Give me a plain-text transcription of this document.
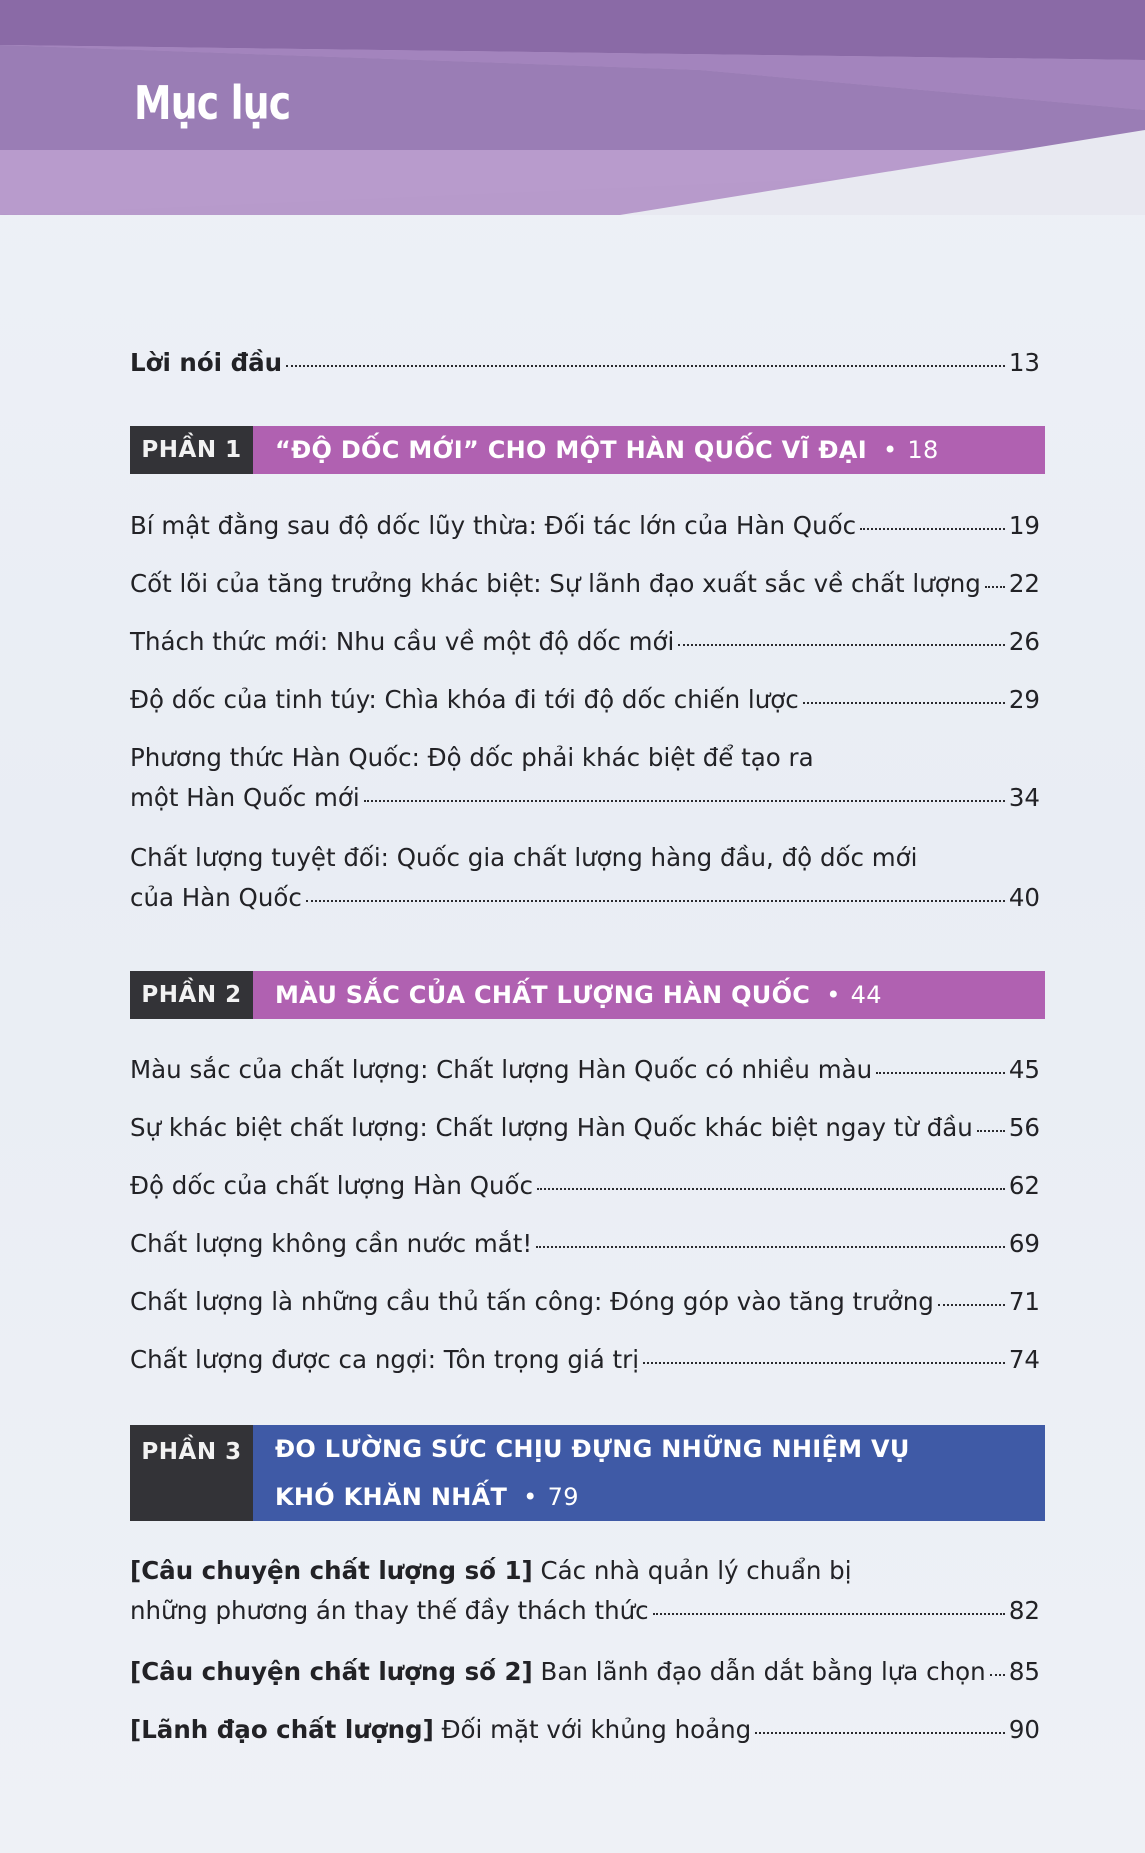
Mục lục
Lời nói đầu	13
PHẦN 1	“ĐỘ DỐC MỚI” CHO MỘT HÀN QUỐC VĨ ĐẠI • 18
Bí mật đằng sau độ dốc lũy thừa: Đối tác lớn của Hàn Quốc	19
Cốt lõi của tăng trưởng khác biệt: Sự lãnh đạo xuất sắc về chất lượng 22
Thách thức mới: Nhu cầu về một độ dốc mới	26
Độ dốc của tinh túy: Chìa khóa đi tới độ dốc chiến lược	29
Phương thức Hàn Quốc: Độ dốc phải khác biệt để tạo ra
một Hàn Quốc mới	34
Chất lượng tuyệt đối: Quốc gia chất lượng hàng đầu, độ dốc mới
của Hàn Quốc	40
PHẦN 2	MÀU SẮC CỦA CHẤT LƯỢNG HÀN QUỐC • 44
Màu sắc của chất lượng: Chất lượng Hàn Quốc có nhiều màu	45
Sự khác biệt chất lượng: Chất lượng Hàn Quốc khác biệt ngay từ đầu 56
Độ dốc của chất lượng Hàn Quốc	62
Chất lượng không cần nước mắt!	69
Chất lượng là những cầu thủ tấn công: Đóng góp vào tăng trưởng	71
Chất lượng được ca ngợi: Tôn trọng giá trị	74
PHẦN 3	ĐO LƯỜNG SỨC CHỊU ĐỰNG NHỮNG NHIỆM VỤ
KHÓ KHĂN NHẤT • 79
[Câu chuyện chất lượng số 1] Các nhà quản lý chuẩn bị
những phương án thay thế đầy thách thức	82
[Câu chuyện chất lượng số 2] Ban lãnh đạo dẫn dắt bằng lựa chọn 85
[Lãnh đạo chất lượng] Đối mặt với khủng hoảng	90
